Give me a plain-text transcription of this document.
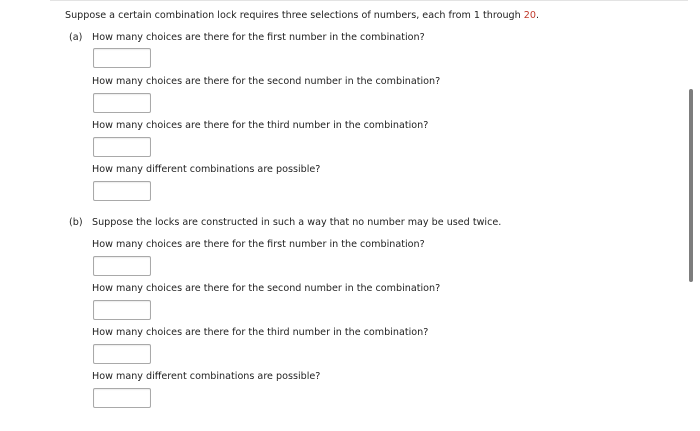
Suppose a certain combination lock requires three selections of numbers, each from 1 through 20.
(a) How many choices are there for the first number in the combination?
How many choices are there for the second number in the combination?
How many choices are there for the third number in the combination?
How many different combinations are possible?
(b) Suppose the locks are constructed in such a way that no number may be used twice.
How many choices are there for the first number in the combination?
How many choices are there for the second number in the combination?
How many choices are there for the third number in the combination?
How many different combinations are possible?
